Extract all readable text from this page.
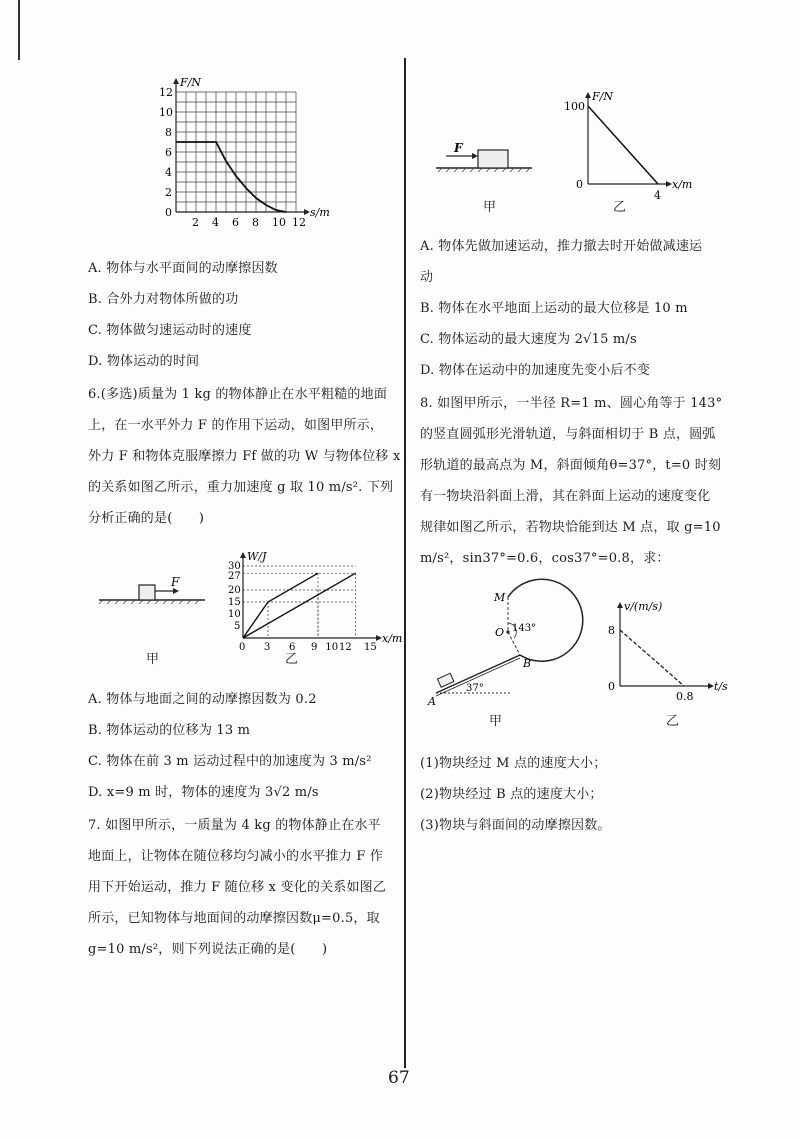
s/m
F/N
2 4 6 8 10 12
0
2
4
6
8
10
12
A. 物体与水平面间的动摩擦因数
B. 合外力对物体所做的功
C. 物体做匀速运动时的速度
D. 物体运动的时间
6.(多选)质量为 1 kg 的物体静止在水平粗糙的地面
上，在一水平外力 F 的作用下运动，如图甲所示，
外力 F 和物体克服摩擦力 Ff 做的功 W 与物体位移 x
的关系如图乙所示，重力加速度 g 取 10 m/s². 下列
分析正确的是(　　)
F
甲
x/m
W/J
0 3 6 9 10 12 15
5
10
15
20
27
30
乙
A. 物体与地面之间的动摩擦因数为 0.2
B. 物体运动的位移为 13 m
C. 物体在前 3 m 运动过程中的加速度为 3 m/s²
D. x=9 m 时，物体的速度为 3√2 m/s
7. 如图甲所示，一质量为 4 kg 的物体静止在水平
地面上，让物体在随位移均匀减小的水平推力 F 作
用下开始运动，推力 F 随位移 x 变化的关系如图乙
所示，已知物体与地面间的动摩擦因数μ=0.5，取
g=10 m/s²，则下列说法正确的是(　　)
F
甲
x/m
F/N
100
0
4
乙
A. 物体先做加速运动，推力撤去时开始做减速运
动
B. 物体在水平地面上运动的最大位移是 10 m
C. 物体运动的最大速度为 2√15 m/s
D. 物体在运动中的加速度先变小后不变
8. 如图甲所示，一半径 R=1 m、圆心角等于 143°
的竖直圆弧形光滑轨道，与斜面相切于 B 点，圆弧
形轨道的最高点为 M，斜面倾角θ=37°，t=0 时刻
有一物块沿斜面上滑，其在斜面上运动的速度变化
规律如图乙所示，若物块恰能到达 M 点，取 g=10
m/s²，sin37°=0.6，cos37°=0.8，求：
M
O 143°
B
A
37°
甲
t/s
v/(m/s)
8
0
0.8
乙
(1)物块经过 M 点的速度大小；
(2)物块经过 B 点的速度大小；
(3)物块与斜面间的动摩擦因数。
67
